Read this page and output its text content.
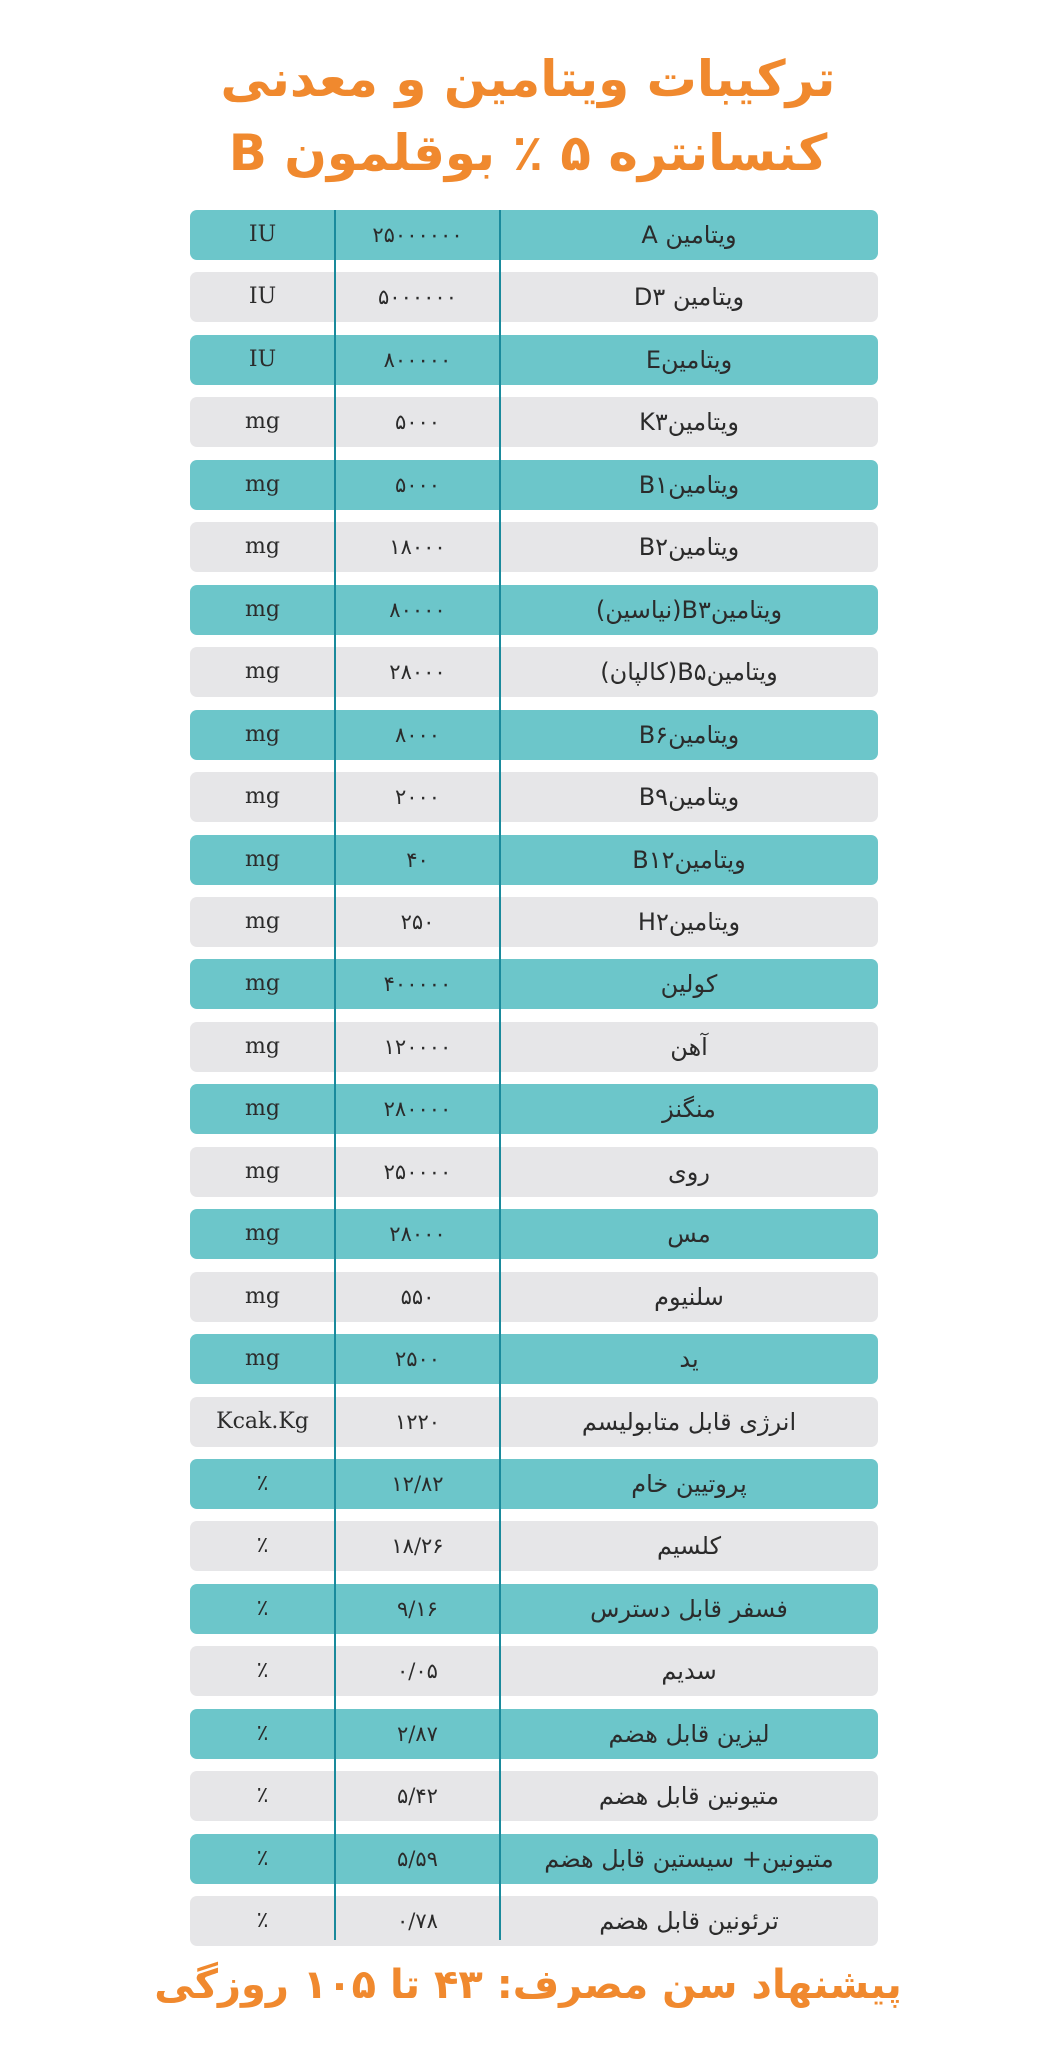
ترکیبات ویتامین و معدنی
کنسانتره ۵ ٪ بوقلمون B
IU	۲۵۰۰۰۰۰۰	ویتامین A
IU	۵۰۰۰۰۰۰	ویتامین D۳
IU	۸۰۰۰۰۰	ویتامینE
mg	۵۰۰۰	ویتامینK۳
mg	۵۰۰۰	ویتامینB۱
mg	۱۸۰۰۰	ویتامینB۲
mg	۸۰۰۰۰	ویتامینB۳(نیاسین)
mg	۲۸۰۰۰	ویتامینB۵(کالپان)
mg	۸۰۰۰	ویتامینB۶
mg	۲۰۰۰	ویتامینB۹
mg	۴۰	ویتامینB۱۲
mg	۲۵۰	ویتامینH۲
mg	۴۰۰۰۰۰	کولین
mg	۱۲۰۰۰۰	آهن
mg	۲۸۰۰۰۰	منگنز
mg	۲۵۰۰۰۰	روی
mg	۲۸۰۰۰	مس
mg	۵۵۰	سلنیوم
mg	۲۵۰۰	ید
Kcak.Kg	۱۲۲۰	انرژی قابل متابولیسم
٪	۱۲/۸۲	پروتیین خام
٪	۱۸/۲۶	کلسیم
٪	۹/۱۶	فسفر قابل دسترس
٪	۰/۰۵	سدیم
٪	۲/۸۷	لیزین قابل هضم
٪	۵/۴۲	متیونین قابل هضم
٪	۵/۵۹	متیونین+ سیستین قابل هضم
٪	۰/۷۸	ترئونین قابل هضم
پیشنهاد سن مصرف: ۴۳ تا ۱۰۵ روزگی
